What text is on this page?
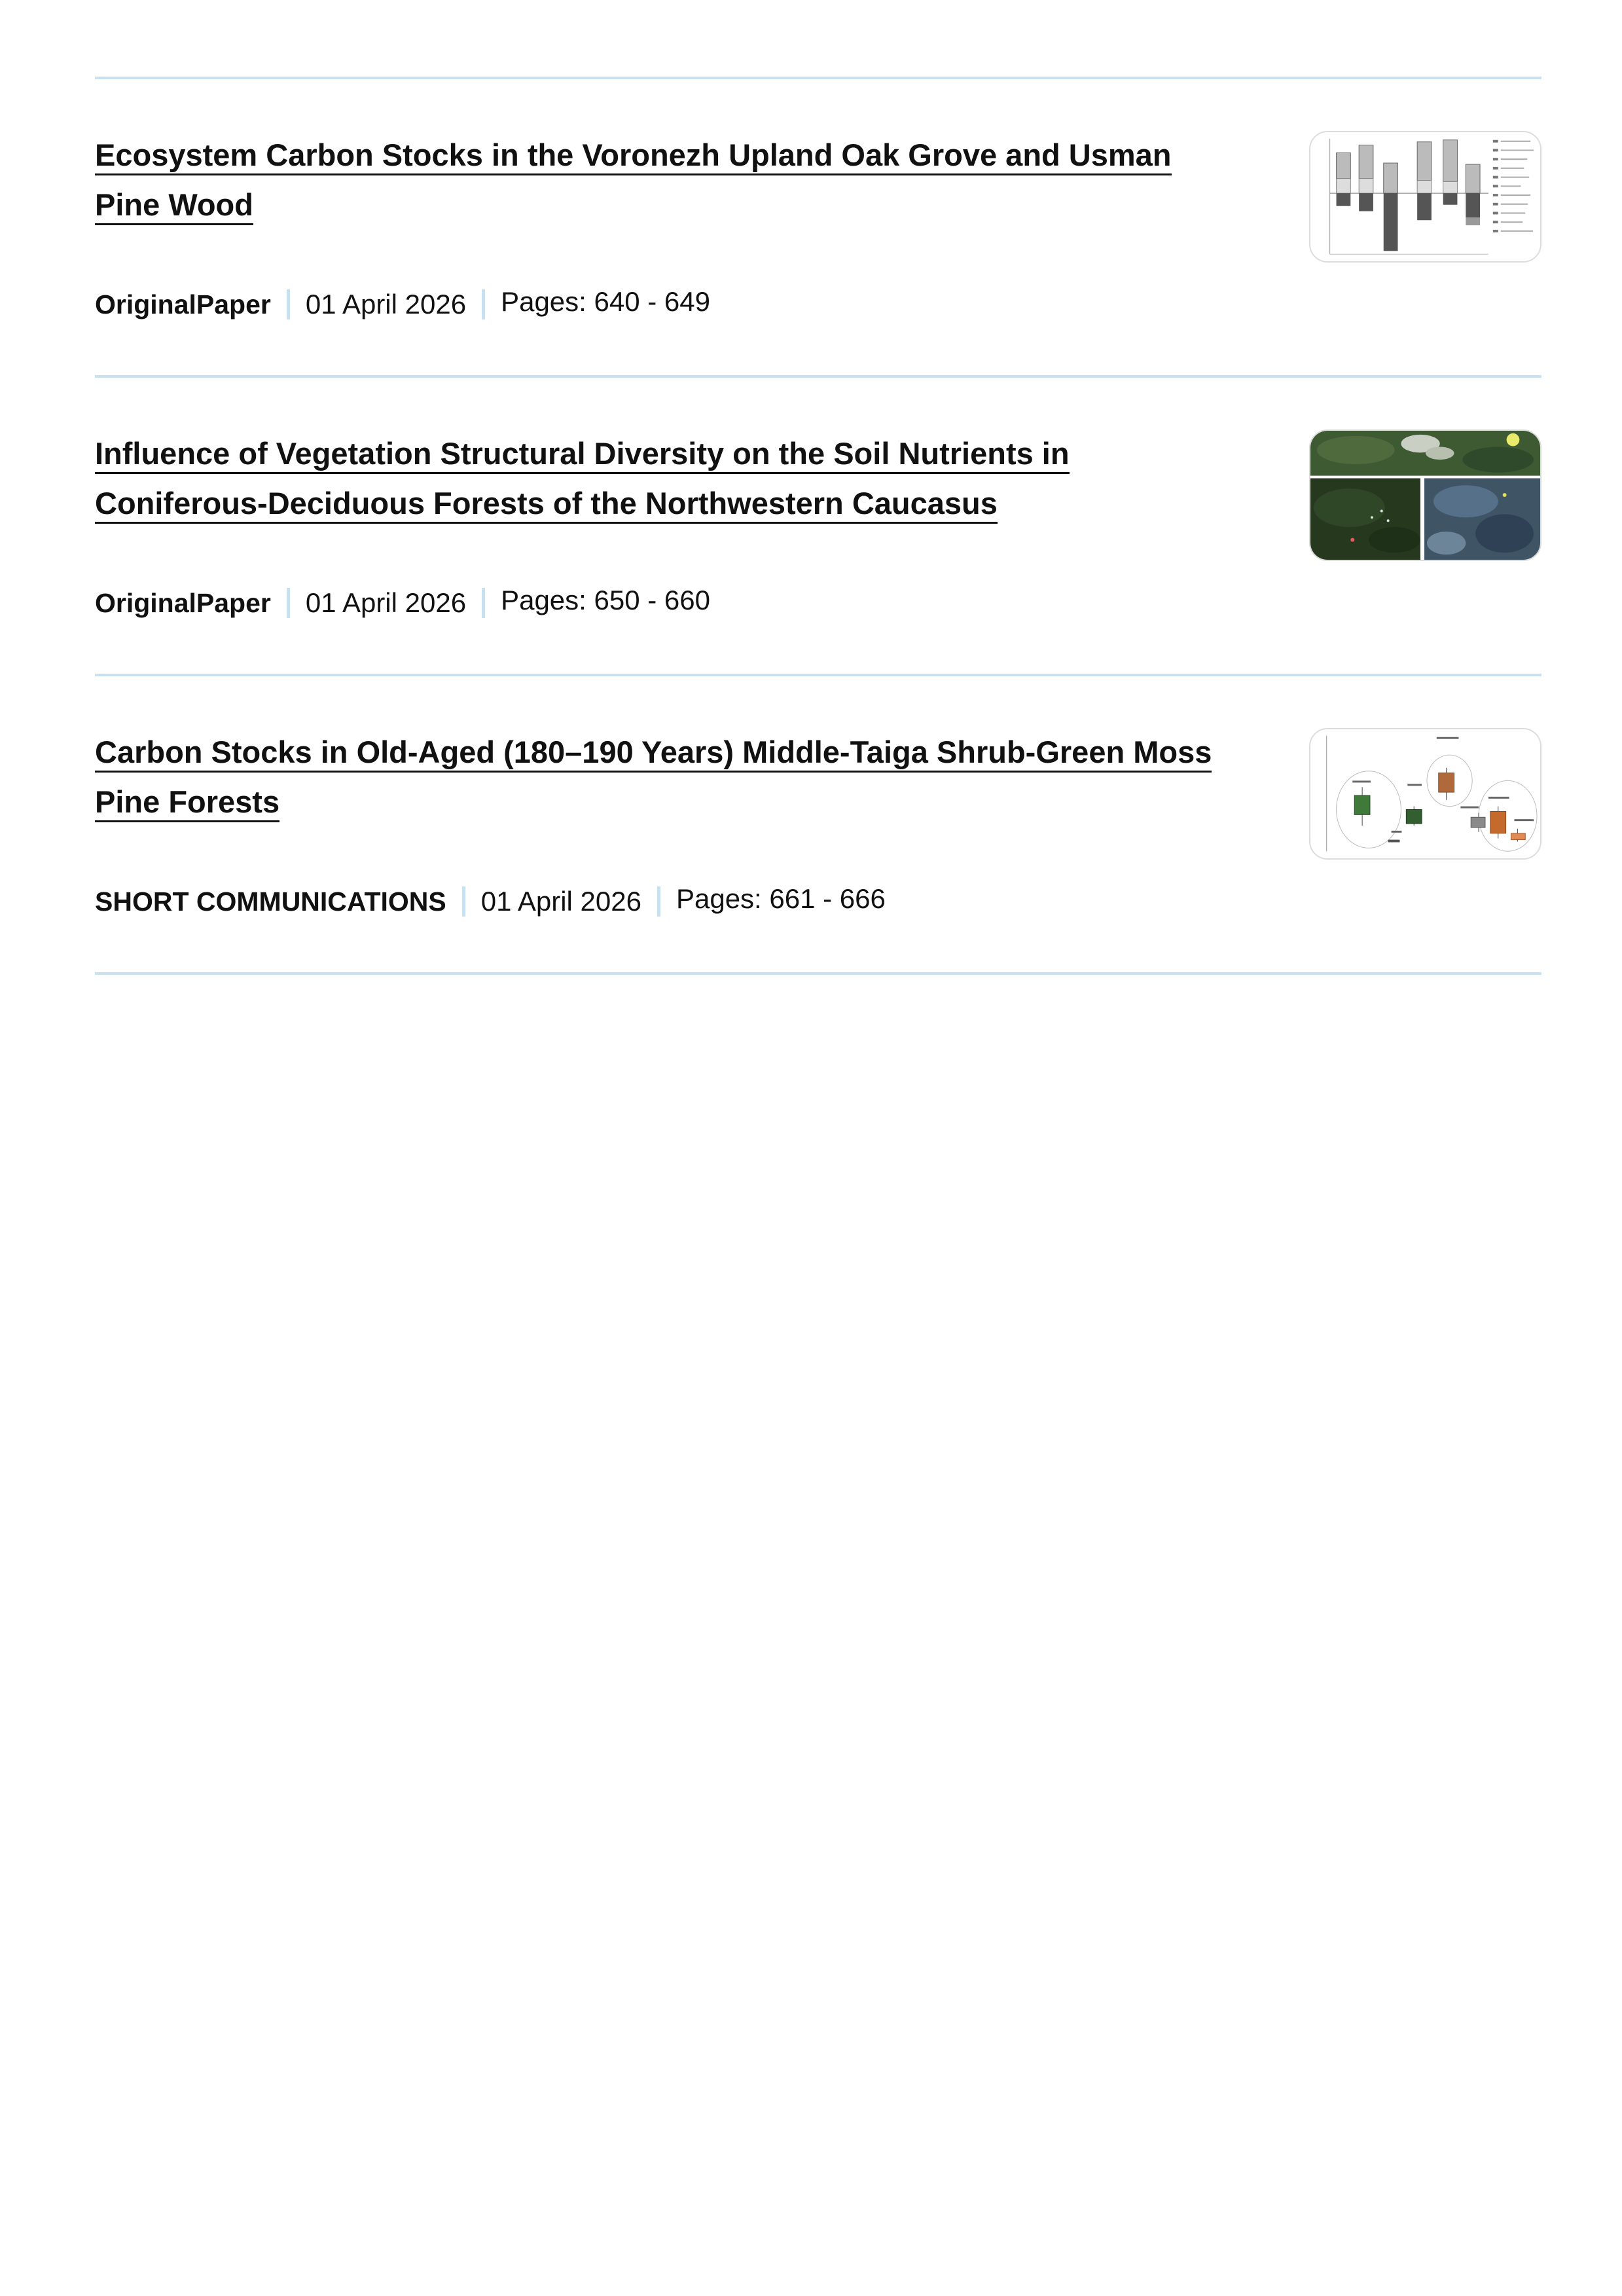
Ecosystem Carbon Stocks in the Voronezh Upland Oak Grove and Usman Pine Wood
OriginalPaper 01 April 2026 Pages: 640 - 649
Influence of Vegetation Structural Diversity on the Soil Nutrients in Coniferous-Deciduous Forests of the Northwestern Caucasus
OriginalPaper 01 April 2026 Pages: 650 - 660
Carbon Stocks in Old-Aged (180–190 Years) Middle-Taiga Shrub-Green Moss Pine Forests
SHORT COMMUNICATIONS 01 April 2026 Pages: 661 - 666
